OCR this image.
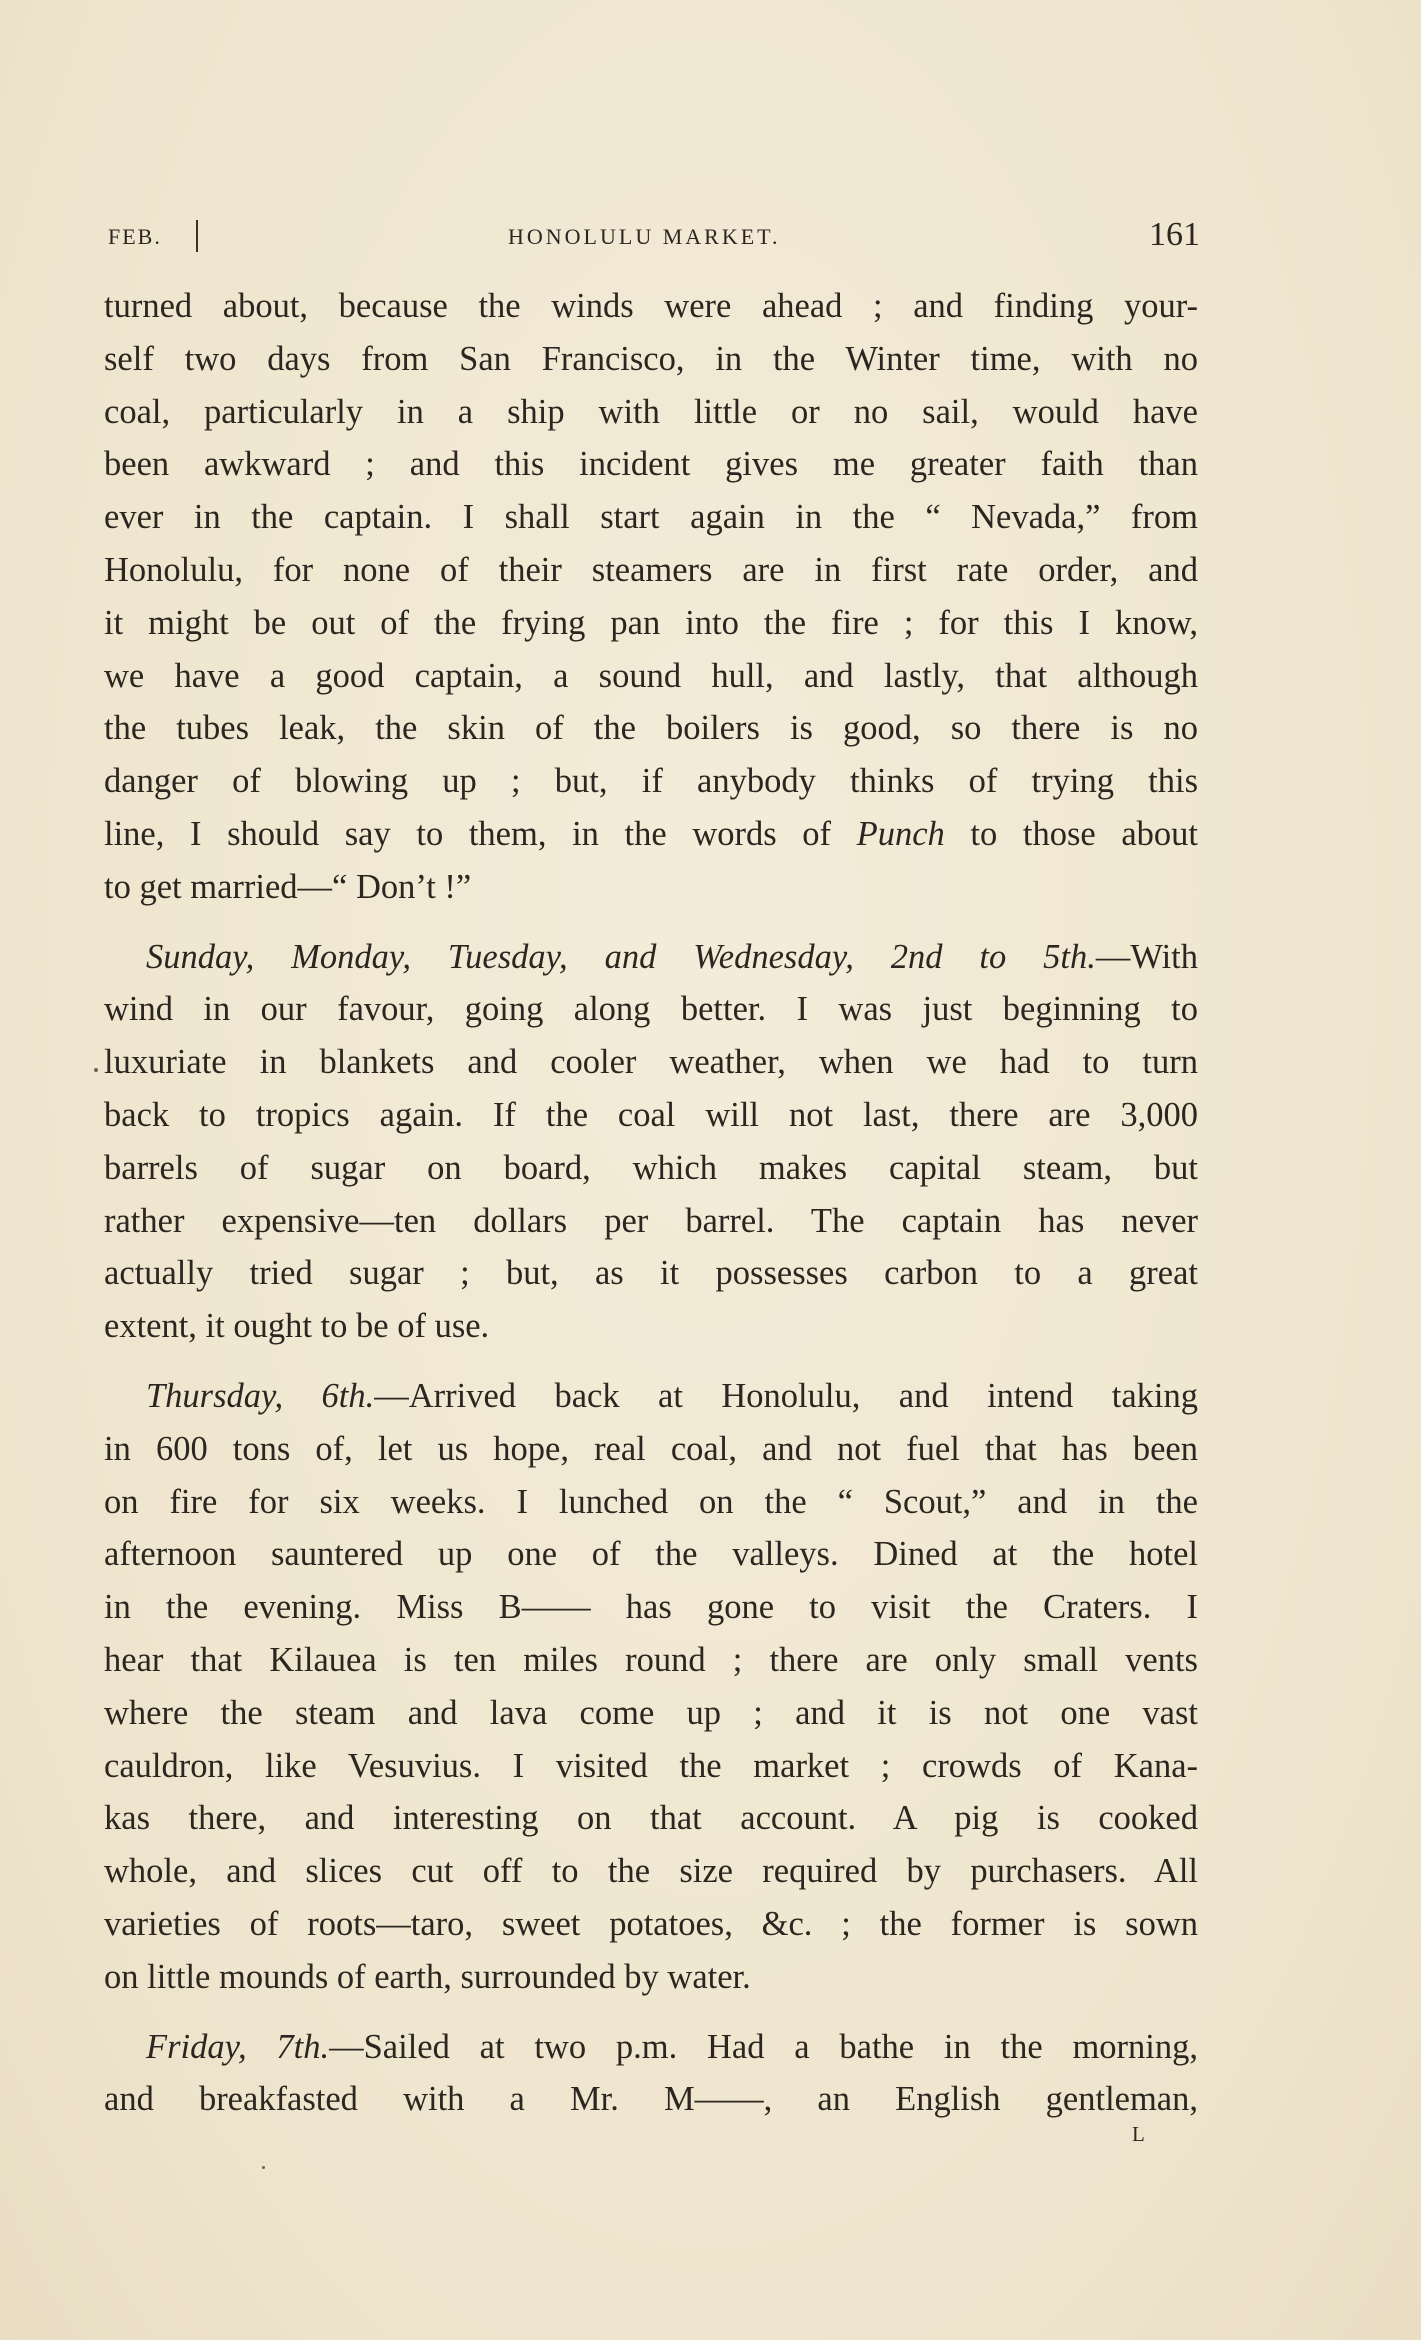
FEB.	HONOLULU MARKET.	161

turned about, because the winds were ahead ; and finding your-

self two days from San Francisco, in the Winter time, with no

coal, particularly in a ship with little or no sail, would have

been awkward ; and this incident gives me greater faith than

ever in the captain. I shall start again in the “ Nevada,” from

Honolulu, for none of their steamers are in first rate order, and

it might be out of the frying pan into the fire ; for this I know,

we have a good captain, a sound hull, and lastly, that although

the tubes leak, the skin of the boilers is good, so there is no

danger of blowing up ; but, if anybody thinks of trying this

line, I should say to them, in the words of Punch to those about

to get married—“ Don’t !”

Sunday, Monday, Tuesday, and Wednesday, 2nd to 5th.—With

wind in our favour, going along better. I was just beginning to

luxuriate in blankets and cooler weather, when we had to turn

back to tropics again. If the coal will not last, there are 3,000

barrels of sugar on board, which makes capital steam, but

rather expensive—ten dollars per barrel. The captain has never

actually tried sugar ; but, as it possesses carbon to a great

extent, it ought to be of use.

Thursday, 6th.—Arrived back at Honolulu, and intend taking

in 600 tons of, let us hope, real coal, and not fuel that has been

on fire for six weeks. I lunched on the “ Scout,” and in the

afternoon sauntered up one of the valleys. Dined at the hotel

in the evening. Miss B—— has gone to visit the Craters. I

hear that Kilauea is ten miles round ; there are only small vents

where the steam and lava come up ; and it is not one vast

cauldron, like Vesuvius. I visited the market ; crowds of Kana-

kas there, and interesting on that account. A pig is cooked

whole, and slices cut off to the size required by purchasers. All

varieties of roots—taro, sweet potatoes, &c. ; the former is sown

on little mounds of earth, surrounded by water.

Friday, 7th.—Sailed at two p.m. Had a bathe in the morning,

and breakfasted with a Mr. M——, an English gentleman,

L
